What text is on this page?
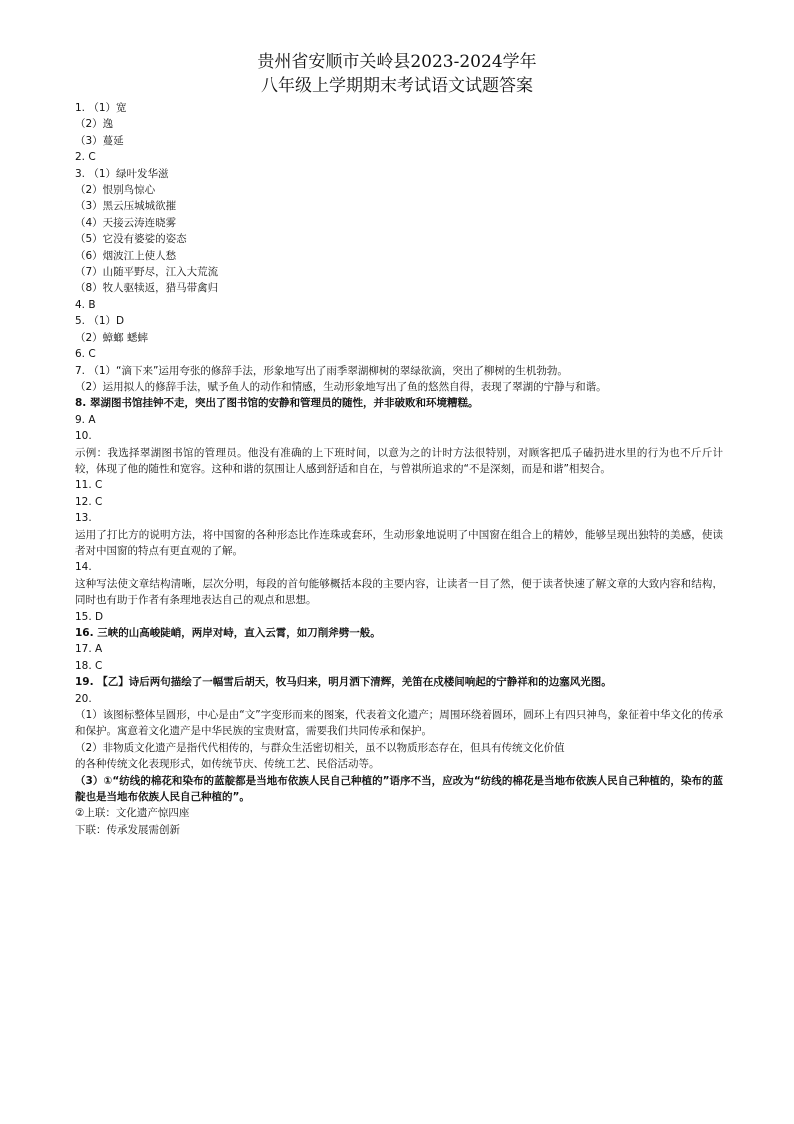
贵州省安顺市关岭县2023-2024学年
八年级上学期期末考试语文试题答案
1. （1）宽
（2）逸
（3）蔓延
2. C
3. （1）绿叶发华滋
（2）恨别鸟惊心
（3）黑云压城城欲摧
（4）天接云涛连晓雾
（5）它没有婆娑的姿态
（6）烟波江上使人愁
（7）山随平野尽，江入大荒流
（8）牧人驱犊返，猎马带禽归
4. B
5. （1）D
（2）蟑螂 蟋蟀
6. C
7. （1）“滴下来”运用夸张的修辞手法，形象地写出了雨季翠湖柳树的翠绿欲滴，突出了柳树的生机勃勃。
（2）运用拟人的修辞手法，赋予鱼人的动作和情感，生动形象地写出了鱼的悠然自得，表现了翠湖的宁静与和谐。
8. 翠湖图书馆挂钟不走，突出了图书馆的安静和管理员的随性，并非破败和环境糟糕。
9. A
10.
示例：我选择翠湖图书馆的管理员。他没有准确的上下班时间，以意为之的计时方法很特别，对顾客把瓜子磕扔进水里的行为也不斤斤计较，体现了他的随性和宽容。这种和谐的氛围让人感到舒适和自在，与曾祺所追求的“不是深刻，而是和谐”相契合。
11. C
12. C
13.
运用了打比方的说明方法，将中国窗的各种形态比作连珠或套环，生动形象地说明了中国窗在组合上的精妙，能够呈现出独特的美感，使读者对中国窗的特点有更直观的了解。
14.
这种写法使文章结构清晰，层次分明，每段的首句能够概括本段的主要内容，让读者一目了然，便于读者快速了解文章的大致内容和结构，同时也有助于作者有条理地表达自己的观点和思想。
15. D
16. 三峡的山高峻陡峭，两岸对峙，直入云霄，如刀削斧劈一般。
17. A
18. C
19. 【乙】诗后两句描绘了一幅雪后胡天，牧马归来，明月洒下清辉，羌笛在戍楼间响起的宁静祥和的边塞风光图。
20.
（1）该图标整体呈圆形，中心是由“文”字变形而来的图案，代表着文化遗产；周围环绕着圆环，圆环上有四只神鸟，象征着中华文化的传承和保护。寓意着文化遗产是中华民族的宝贵财富，需要我们共同传承和保护。
（2）非物质文化遗产是指代代相传的，与群众生活密切相关，虽不以物质形态存在，但具有传统文化价值
的各种传统文化表现形式，如传统节庆、传统工艺、民俗活动等。
（3）①“纺线的棉花和染布的蓝靛都是当地布依族人民自己种植的”语序不当，应改为“纺线的棉花是当地布依族人民自己种植的，染布的蓝靛也是当地布依族人民自己种植的”。
②上联：文化遗产惊四座
下联：传承发展需创新
